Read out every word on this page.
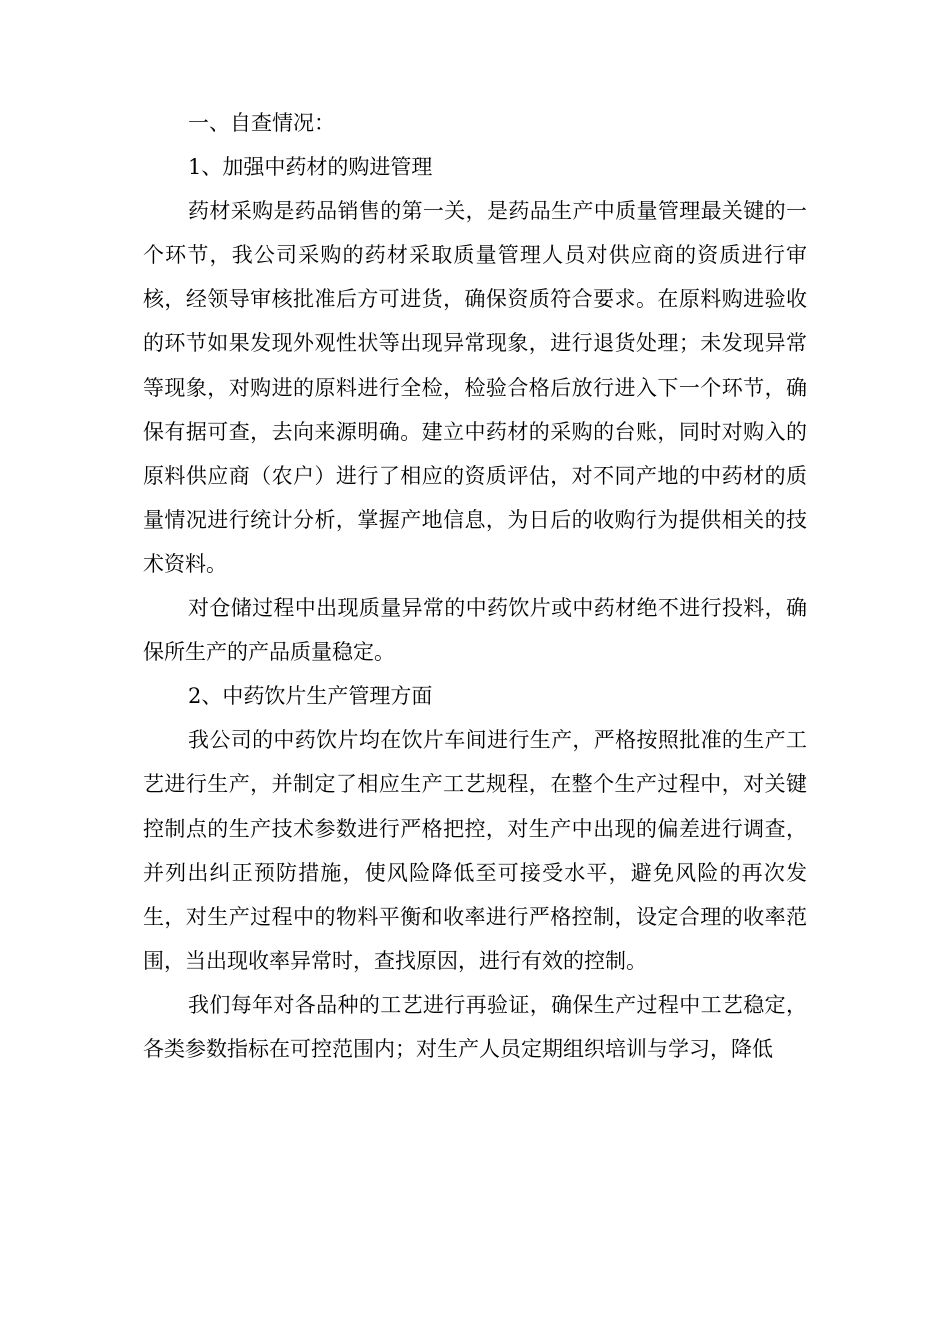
一、自查情况：

1、加强中药材的购进管理

药材采购是药品销售的第一关，是药品生产中质量管理最关键的一个环节，我公司采购的药材采取质量管理人员对供应商的资质进行审核，经领导审核批准后方可进货，确保资质符合要求。在原料购进验收的环节如果发现外观性状等出现异常现象，进行退货处理；未发现异常等现象，对购进的原料进行全检，检验合格后放行进入下一个环节，确保有据可查，去向来源明确。建立中药材的采购的台账，同时对购入的原料供应商（农户）进行了相应的资质评估，对不同产地的中药材的质量情况进行统计分析，掌握产地信息，为日后的收购行为提供相关的技术资料。

对仓储过程中出现质量异常的中药饮片或中药材绝不进行投料，确保所生产的产品质量稳定。

2、中药饮片生产管理方面

我公司的中药饮片均在饮片车间进行生产，严格按照批准的生产工艺进行生产，并制定了相应生产工艺规程，在整个生产过程中，对关键控制点的生产技术参数进行严格把控，对生产中出现的偏差进行调查，并列出纠正预防措施，使风险降低至可接受水平，避免风险的再次发生，对生产过程中的物料平衡和收率进行严格控制，设定合理的收率范围，当出现收率异常时，查找原因，进行有效的控制。

我们每年对各品种的工艺进行再验证，确保生产过程中工艺稳定，各类参数指标在可控范围内；对生产人员定期组织培训与学习，降低
